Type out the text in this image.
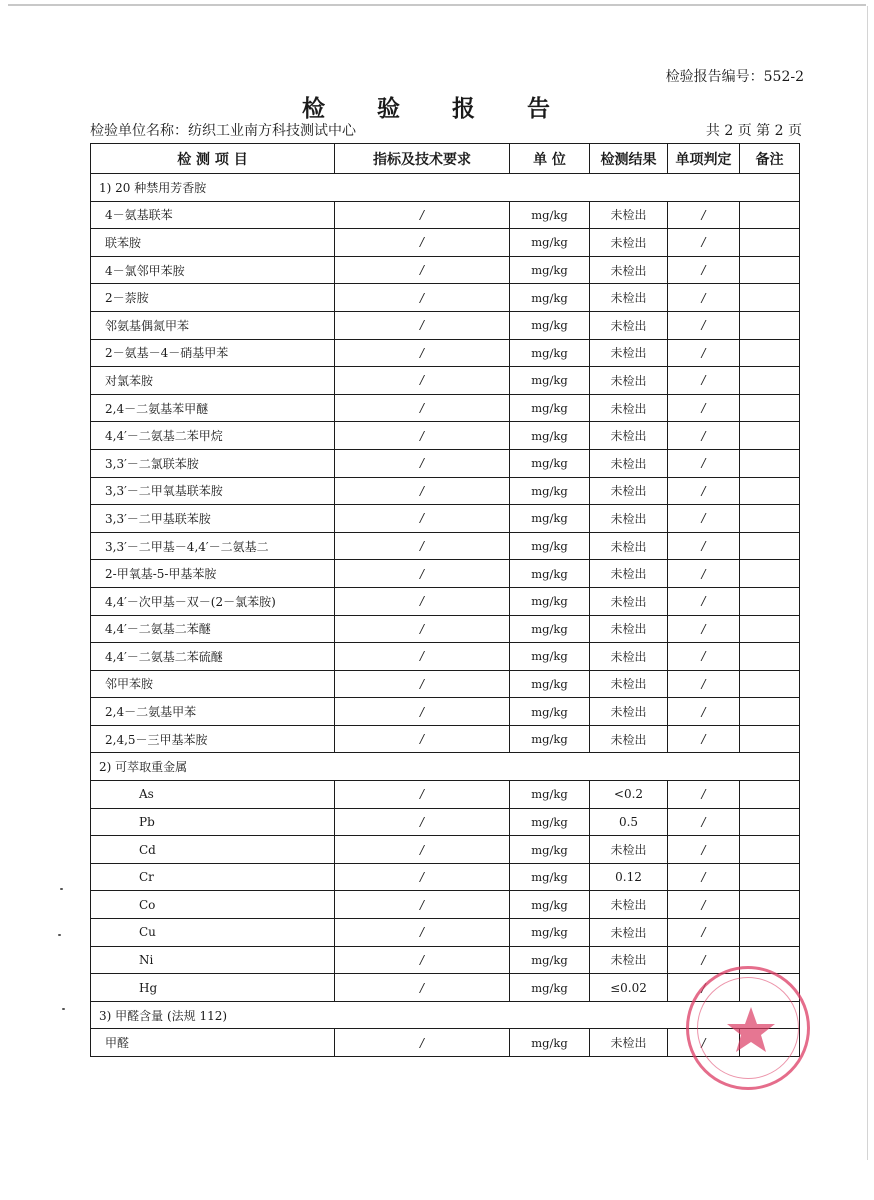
检验报告编号：552-2
检 验 报 告
检验单位名称：纺织工业南方科技测试中心	共 2 页 第 2 页
检 测 项 目	指标及技术要求	单 位	检测结果	单项判定	备注
1) 20 种禁用芳香胺					
4－氨基联苯	/	mg/kg	未检出	/	
联苯胺	/	mg/kg	未检出	/	
4－氯邻甲苯胺	/	mg/kg	未检出	/	
2－萘胺	/	mg/kg	未检出	/	
邻氨基偶氮甲苯	/	mg/kg	未检出	/	
2－氨基－4－硝基甲苯	/	mg/kg	未检出	/	
对氯苯胺	/	mg/kg	未检出	/	
2,4－二氨基苯甲醚	/	mg/kg	未检出	/	
4,4′－二氨基二苯甲烷	/	mg/kg	未检出	/	
3,3′－二氯联苯胺	/	mg/kg	未检出	/	
3,3′－二甲氧基联苯胺	/	mg/kg	未检出	/	
3,3′－二甲基联苯胺	/	mg/kg	未检出	/	
3,3′－二甲基－4,4′－二氨基二	/	mg/kg	未检出	/	
2-甲氧基-5-甲基苯胺	/	mg/kg	未检出	/	
4,4′－次甲基－双－(2－氯苯胺)	/	mg/kg	未检出	/	
4,4′－二氨基二苯醚	/	mg/kg	未检出	/	
4,4′－二氨基二苯硫醚	/	mg/kg	未检出	/	
邻甲苯胺	/	mg/kg	未检出	/	
2,4－二氨基甲苯	/	mg/kg	未检出	/	
2,4,5－三甲基苯胺	/	mg/kg	未检出	/	
2) 可萃取重金属					
As	/	mg/kg	<0.2	/	
Pb	/	mg/kg	0.5	/	
Cd	/	mg/kg	未检出	/	
Cr	/	mg/kg	0.12	/	
Co	/	mg/kg	未检出	/	
Cu	/	mg/kg	未检出	/	
Ni	/	mg/kg	未检出	/	
Hg	/	mg/kg	≤0.02	/	
3) 甲醛含量 (法规 112)					
甲醛	/	mg/kg	未检出	/	
